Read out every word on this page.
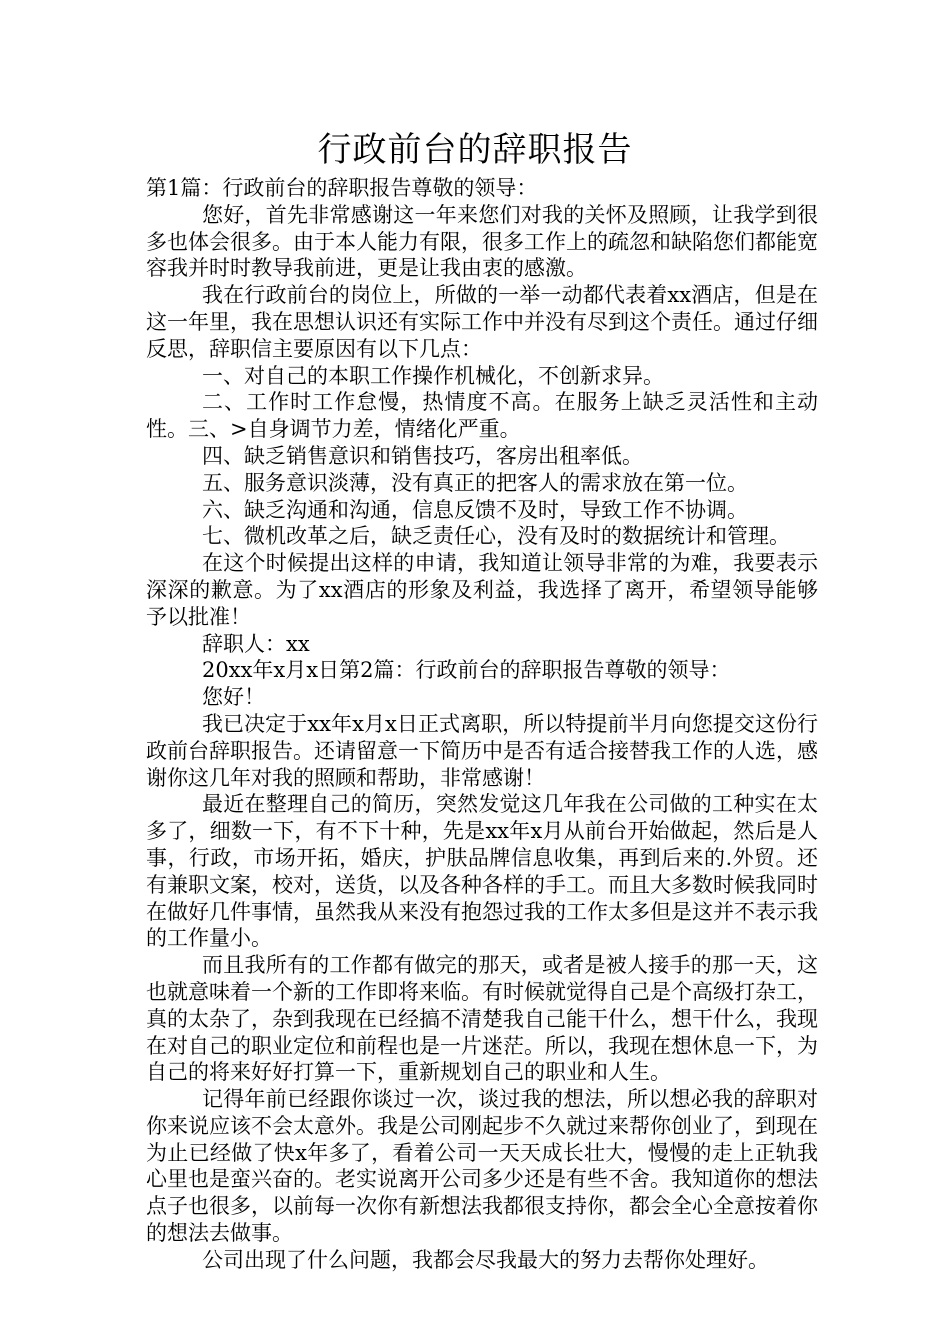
行政前台的辞职报告

第1篇：行政前台的辞职报告尊敬的领导：

您好，首先非常感谢这一年来您们对我的关怀及照顾，让我学到很多也体会很多。由于本人能力有限，很多工作上的疏忽和缺陷您们都能宽容我并时时教导我前进，更是让我由衷的感激。

我在行政前台的岗位上，所做的一举一动都代表着xx酒店，但是在这一年里，我在思想认识还有实际工作中并没有尽到这个责任。通过仔细反思，辞职信主要原因有以下几点：

一、对自己的本职工作操作机械化，不创新求异。

二、工作时工作怠慢，热情度不高。在服务上缺乏灵活性和主动性。三、>自身调节力差，情绪化严重。

四、缺乏销售意识和销售技巧，客房出租率低。

五、服务意识淡薄，没有真正的把客人的需求放在第一位。

六、缺乏沟通和沟通，信息反馈不及时，导致工作不协调。

七、微机改革之后，缺乏责任心，没有及时的数据统计和管理。

在这个时候提出这样的申请，我知道让领导非常的为难，我要表示深深的歉意。为了xx酒店的形象及利益，我选择了离开，希望领导能够予以批准！

辞职人：xx

20xx年x月x日第2篇：行政前台的辞职报告尊敬的领导：

您好！

我已决定于xx年x月x日正式离职，所以特提前半月向您提交这份行政前台辞职报告。还请留意一下简历中是否有适合接替我工作的人选，感谢你这几年对我的照顾和帮助，非常感谢！

最近在整理自己的简历，突然发觉这几年我在公司做的工种实在太多了，细数一下，有不下十种，先是xx年x月从前台开始做起，然后是人事，行政，市场开拓，婚庆，护肤品牌信息收集，再到后来的.外贸。还有兼职文案，校对，送货，以及各种各样的手工。而且大多数时候我同时在做好几件事情，虽然我从来没有抱怨过我的工作太多但是这并不表示我的工作量小。

而且我所有的工作都有做完的那天，或者是被人接手的那一天，这也就意味着一个新的工作即将来临。有时候就觉得自己是个高级打杂工，真的太杂了，杂到我现在已经搞不清楚我自己能干什么，想干什么，我现在对自己的职业定位和前程也是一片迷茫。所以，我现在想休息一下，为自己的将来好好打算一下，重新规划自己的职业和人生。

记得年前已经跟你谈过一次，谈过我的想法，所以想必我的辞职对你来说应该不会太意外。我是公司刚起步不久就过来帮你创业了，到现在为止已经做了快x年多了，看着公司一天天成长壮大，慢慢的走上正轨我心里也是蛮兴奋的。老实说离开公司多少还是有些不舍。我知道你的想法点子也很多，以前每一次你有新想法我都很支持你，都会全心全意按着你的想法去做事。

公司出现了什么问题，我都会尽我最大的努力去帮你处理好。
